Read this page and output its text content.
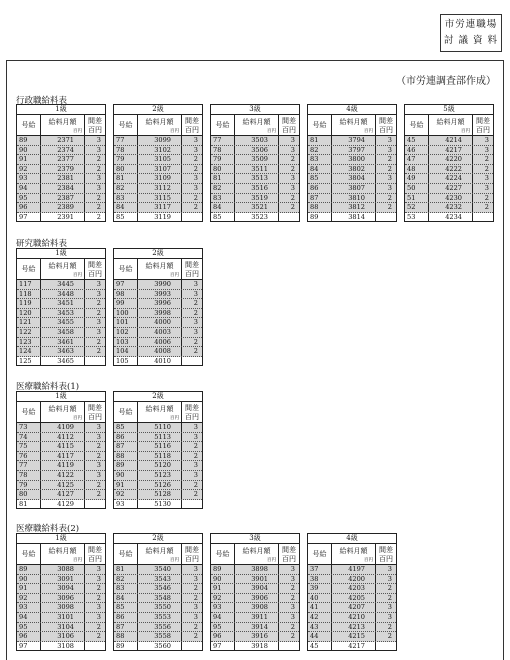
市労連職場
討 議 資 料
（市労連調査部作成）
行政職給料表
1級
号給	給料月額
百円
間差
百円
89	2371	3
90	2374	3
91	2377	2
92	2379	2
93	2381	3
94	2384	3
95	2387	2
96	2389	2
97	2391	2
2級
号給	給料月額
百円
間差
百円
77	3099	3
78	3102	3
79	3105	2
80	3107	2
81	3109	3
82	3112	3
83	3115	2
84	3117	2
85	3119
3級
号給	給料月額
百円
間差
百円
77	3503	3
78	3506	3
79	3509	2
80	3511	2
81	3513	3
82	3516	3
83	3519	2
84	3521	2
85	3523
4級
号給	給料月額
百円
間差
百円
81	3794	3
82	3797	3
83	3800	2
84	3802	2
85	3804	3
86	3807	3
87	3810	2
88	3812	2
89	3814
5級
号給	給料月額
百円
間差
百円
45	4214	3
46	4217	3
47	4220	2
48	4222	2
49	4224	3
50	4227	3
51	4230	2
52	4232	2
53	4234
研究職給料表
1級
号給	給料月額
百円
間差
百円
117	3445	3
118	3448	3
119	3451	2
120	3453	2
121	3455	3
122	3458	3
123	3461	2
124	3463	2
125	3465
2級
号給	給料月額
百円
間差
百円
97	3990	3
98	3993	3
99	3996	2
100	3998	2
101	4000	3
102	4003	3
103	4006	2
104	4008	2
105	4010
医療職給料表(1)
1級
号給	給料月額
百円
間差
百円
73	4109	3
74	4112	3
75	4115	2
76	4117	2
77	4119	3
78	4122	3
79	4125	2
80	4127	2
81	4129
2級
号給	給料月額
百円
間差
百円
85	5110	3
86	5113	3
87	5116	2
88	5118	2
89	5120	3
90	5123	3
91	5126	2
92	5128	2
93	5130
医療職給料表(2)
1級
号給	給料月額
百円
間差
百円
89	3088	3
90	3091	3
91	3094	2
92	3096	2
93	3098	3
94	3101	3
95	3104	2
96	3106	2
97	3108
2級
号給	給料月額
百円
間差
百円
81	3540	3
82	3543	3
83	3546	2
84	3548	2
85	3550	3
86	3553	3
87	3556	2
88	3558	2
89	3560
3級
号給	給料月額
百円
間差
百円
89	3898	3
90	3901	3
91	3904	2
92	3906	2
93	3908	3
94	3911	3
95	3914	2
96	3916	2
97	3918
4級
号給	給料月額
百円
間差
百円
37	4197	3
38	4200	3
39	4203	2
40	4205	2
41	4207	3
42	4210	3
43	4213	2
44	4215	2
45	4217
